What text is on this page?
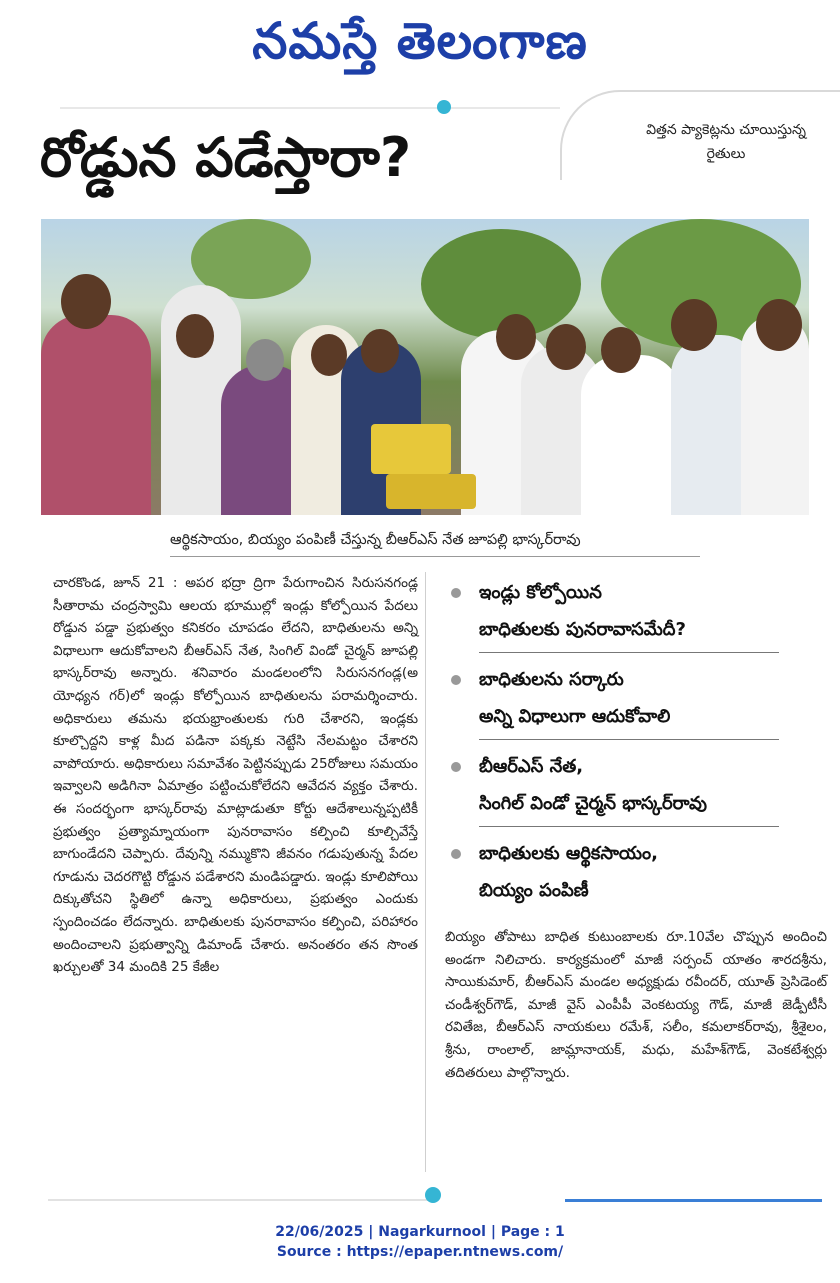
నమస్తే తెలంగాణ
రోడ్డున పడేస్తారా?	విత్తన ప్యాకెట్లను చూయిస్తున్న
రైతులు
ఆర్థికసాయం, బియ్యం పంపిణీ చేస్తున్న బీఆర్ఎస్ నేత జూపల్లి భాస్కర్‌రావు
చారకొండ, జూన్ 21 : అపర భద్రా ద్రిగా పేరుగాంచిన సిరుసనగండ్ల సీతారామ చంద్రస్వామి ఆలయ భూముల్లో ఇండ్లు కోల్పోయిన పేదలు రోడ్డున పడ్డా ప్రభుత్వం కనికరం చూపడం లేదని, బాధితులను అన్ని విధాలుగా ఆదుకోవాలని బీఆర్ఎస్ నేత, సింగిల్ విండో చైర్మన్ జూపల్లి భాస్కర్‌రావు అన్నారు. శనివారం మండలంలోని సిరుసనగండ్ల(అ యోధ్యన గర్)లో ఇండ్లు కోల్పోయిన బాధితులను పరామర్శించారు. అధికారులు తమను భయభ్రాంతులకు గురి చేశారని, ఇండ్లకు కూల్చొద్దని కాళ్ల మీద పడినా పక్కకు నెట్టేసి నేలమట్టం చేశారని వాపోయారు. అధికారులు సమావేశం పెట్టినప్పుడు 25రోజులు సమయం ఇవ్వాలని అడిగినా ఏమాత్రం పట్టించుకోలేదని ఆవేదన వ్యక్తం చేశారు. ఈ సందర్భంగా భాస్కర్‌రావు మాట్లాడుతూ కోర్టు ఆదేశాలున్నప్పటికీ ప్రభుత్వం ప్రత్యామ్నాయంగా పునరావాసం కల్పించి కూల్చివేస్తే బాగుండేదని చెప్పారు. దేవున్ని నమ్ముకొని జీవనం గడుపుతున్న పేదల గూడును చెదరగొట్టి రోడ్డున పడేశారని మండిపడ్డారు. ఇండ్లు కూలిపోయి దిక్కుతోచని స్థితిలో ఉన్నా అధికారులు, ప్రభుత్వం ఎందుకు స్పందించడం లేదన్నారు. బాధితులకు పునరావాసం కల్పించి, పరిహారం అందించాలని ప్రభుత్వాన్ని డిమాండ్ చేశారు. అనంతరం తన సొంత ఖర్చులతో 34 మందికి 25 కేజీల
ఇండ్లు కోల్పోయిన
బాధితులకు పునరావాసమేదీ?
బాధితులను సర్కారు
అన్ని విధాలుగా ఆదుకోవాలి
బీఆర్ఎస్ నేత,
సింగిల్ విండో చైర్మన్ భాస్కర్‌రావు
బాధితులకు ఆర్థికసాయం,
బియ్యం పంపిణీ
బియ్యం తోపాటు బాధిత కుటుంబాలకు రూ.10వేల చొప్పున అందించి అండగా నిలిచారు. కార్యక్రమంలో మాజీ సర్పంచ్ యాతం శారదశ్రీను, సాయికుమార్, బీఆర్ఎస్ మండల అధ్యక్షుడు రవీందర్, యూత్ ప్రెసిడెంట్ చండీశ్వర్‌గౌడ్, మాజీ వైస్ ఎంపీపీ వెంకటయ్య గౌడ్, మాజీ జెడ్పీటీసీ రవితేజ, బీఆర్ఎస్ నాయకులు రమేశ్, సలీం, కమలాకర్‌రావు, శ్రీశైలం, శ్రీను, రాంలాల్, జామ్లానాయక్, మధు, మహేశ్‌గౌడ్, వెంకటేశ్వర్లు తదితరులు పాల్గొన్నారు.
22/06/2025 | Nagarkurnool | Page : 1
Source : https://epaper.ntnews.com/
